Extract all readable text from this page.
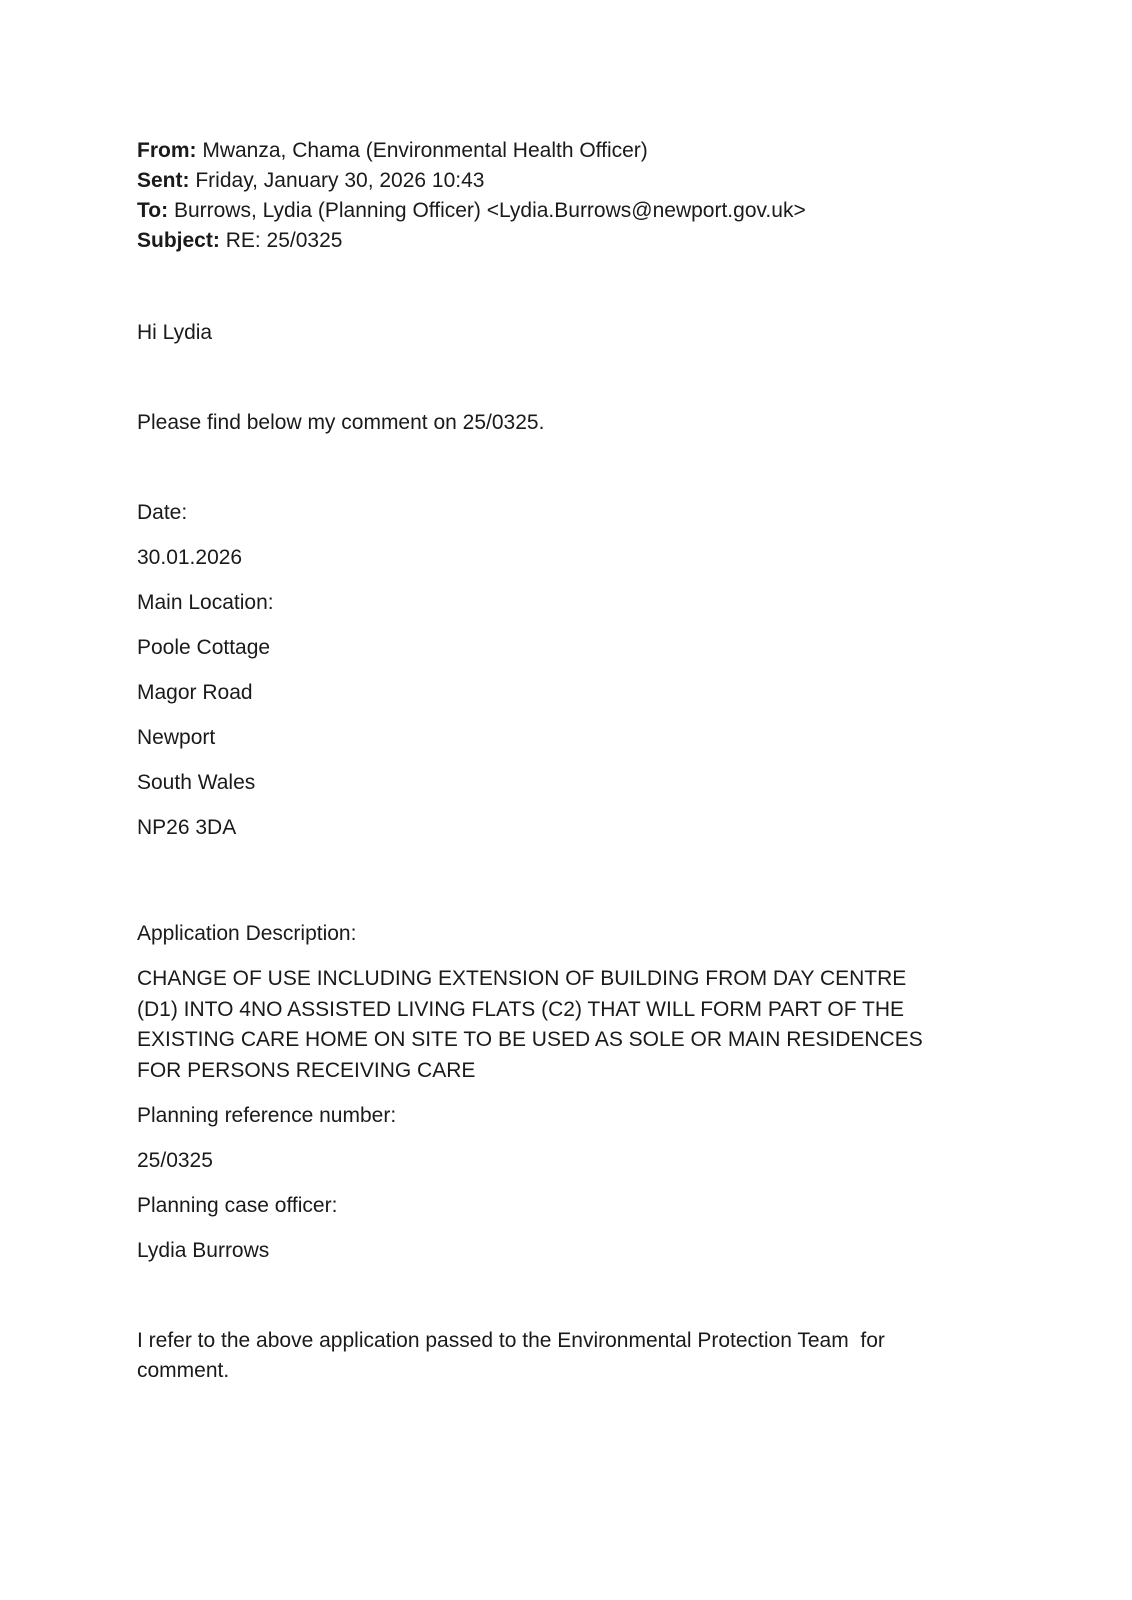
From: Mwanza, Chama (Environmental Health Officer)
Sent: Friday, January 30, 2026 10:43
To: Burrows, Lydia (Planning Officer) <Lydia.Burrows@newport.gov.uk>
Subject: RE: 25/0325
Hi Lydia
Please find below my comment on 25/0325.
Date:
30.01.2026
Main Location:
Poole Cottage
Magor Road
Newport
South Wales
NP26 3DA
Application Description:
CHANGE OF USE INCLUDING EXTENSION OF BUILDING FROM DAY CENTRE
(D1) INTO 4NO ASSISTED LIVING FLATS (C2) THAT WILL FORM PART OF THE
EXISTING CARE HOME ON SITE TO BE USED AS SOLE OR MAIN RESIDENCES
FOR PERSONS RECEIVING CARE
Planning reference number:
25/0325
Planning case officer:
Lydia Burrows
I refer to the above application passed to the Environmental Protection Team  for
comment.
